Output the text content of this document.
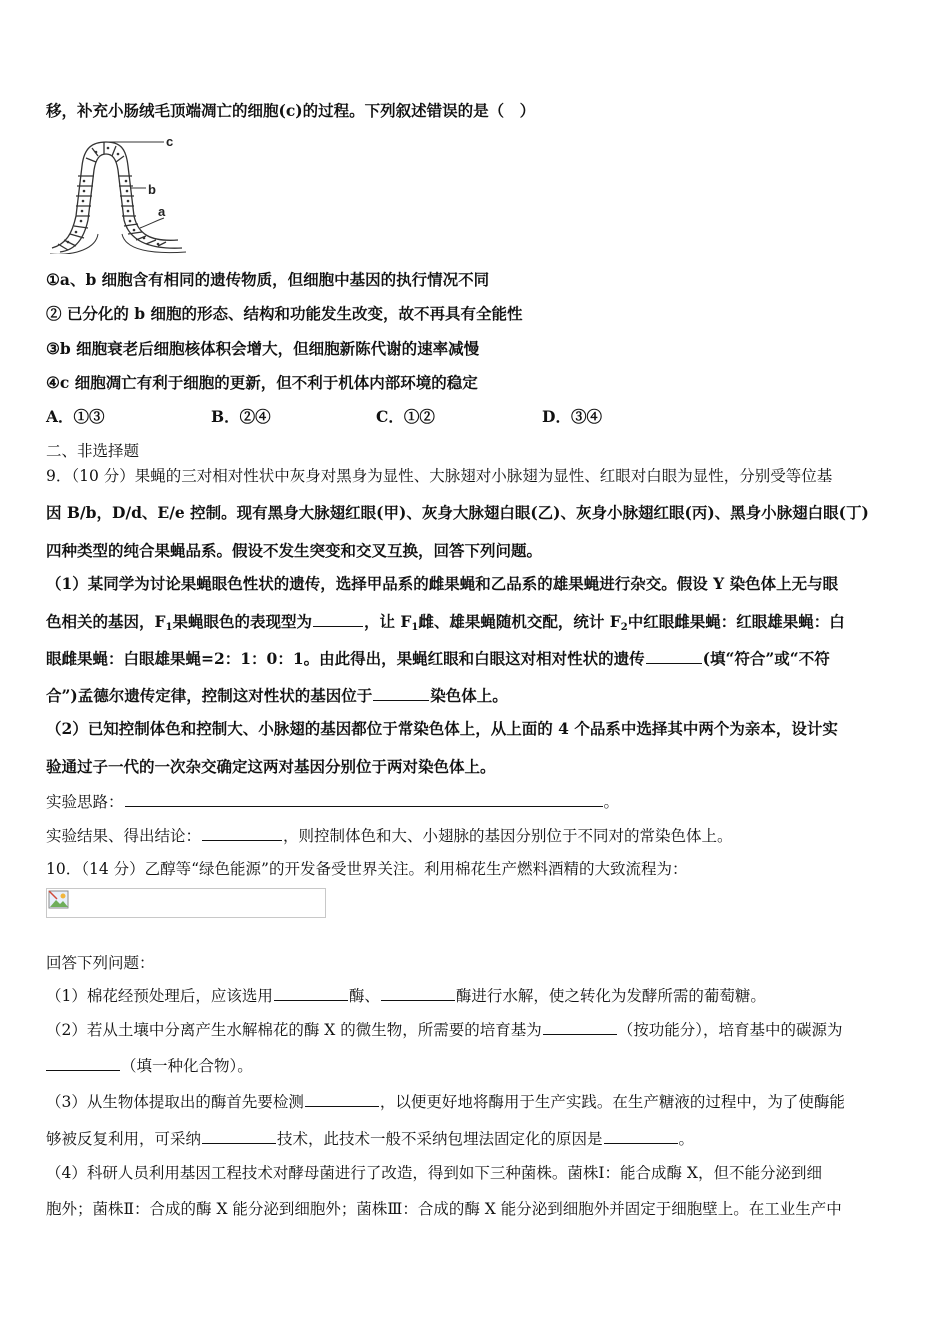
移，补充小肠绒毛顶端凋亡的细胞(c)的过程。下列叙述错误的是（　）
c
b
a
①a、b 细胞含有相同的遗传物质，但细胞中基因的执行情况不同
② 已分化的 b 细胞的形态、结构和功能发生改变，故不再具有全能性
③b 细胞衰老后细胞核体积会增大，但细胞新陈代谢的速率减慢
④c 细胞凋亡有利于细胞的更新，但不利于机体内部环境的稳定
A．①③	B．②④	C．①②	D．③④
二、非选择题
9．（10 分）果蝇的三对相对性状中灰身对黑身为显性、大脉翅对小脉翅为显性、红眼对白眼为显性，分别受等位基
因 B/b，D/d、E/e 控制。现有黑身大脉翅红眼(甲)、灰身大脉翅白眼(乙)、灰身小脉翅红眼(丙)、黑身小脉翅白眼(丁)
四种类型的纯合果蝇品系。假设不发生突变和交叉互换，回答下列问题。
（1）某同学为讨论果蝇眼色性状的遗传，选择甲品系的雌果蝇和乙品系的雄果蝇进行杂交。假设 Y 染色体上无与眼
色相关的基因，$F_1$果蝇眼色的表现型为	，让 $F_1$雌、雄果蝇随机交配，统计 $F_2$中红眼雌果蝇：红眼雄果蝇：白
眼雌果蝇：白眼雄果蝇=2：1：0：1。由此得出，果蝇红眼和白眼这对相对性状的遗传	(填“符合”或“不符
合”)孟德尔遗传定律，控制这对性状的基因位于	染色体上。
（2）已知控制体色和控制大、小脉翅的基因都位于常染色体上，从上面的 4 个品系中选择其中两个为亲本，设计实
验通过子一代的一次杂交确定这两对基因分别位于两对染色体上。
实验思路：	。
实验结果、得出结论：	，则控制体色和大、小翅脉的基因分别位于不同对的常染色体上。
10．（14 分）乙醇等“绿色能源”的开发备受世界关注。利用棉花生产燃料酒精的大致流程为：
回答下列问题：
（1）棉花经预处理后，应该选用	酶、	酶进行水解，使之转化为发酵所需的葡萄糖。
（2）若从土壤中分离产生水解棉花的酶 X 的微生物，所需要的培育基为	（按功能分），培育基中的碳源为
（填一种化合物）。
（3）从生物体提取出的酶首先要检测	，以便更好地将酶用于生产实践。在生产糖液的过程中，为了使酶能
够被反复利用，可采纳	技术，此技术一般不采纳包埋法固定化的原因是	。
（4）科研人员利用基因工程技术对酵母菌进行了改造，得到如下三种菌株。菌株Ⅰ：能合成酶 X，但不能分泌到细
胞外；菌株Ⅱ：合成的酶 X 能分泌到细胞外；菌株Ⅲ：合成的酶 X 能分泌到细胞外并固定于细胞壁上。在工业生产中
